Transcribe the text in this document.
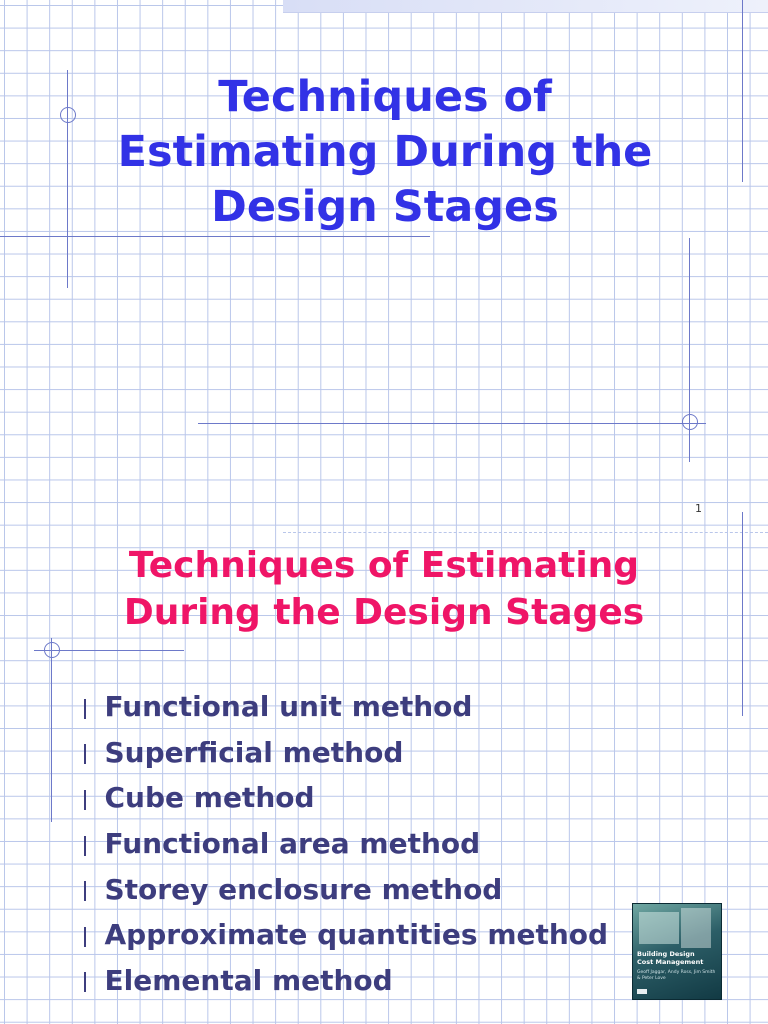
Techniques of
Estimating During the
Design Stages
1
Techniques of Estimating
During the Design Stages
Functional unit method
Superficial method
Cube method
Functional area method
Storey enclosure method
Approximate quantities method
Elemental method
Building Design
Cost Management
Geoff Jaggar, Andy Ross, Jim Smith & Peter Love
